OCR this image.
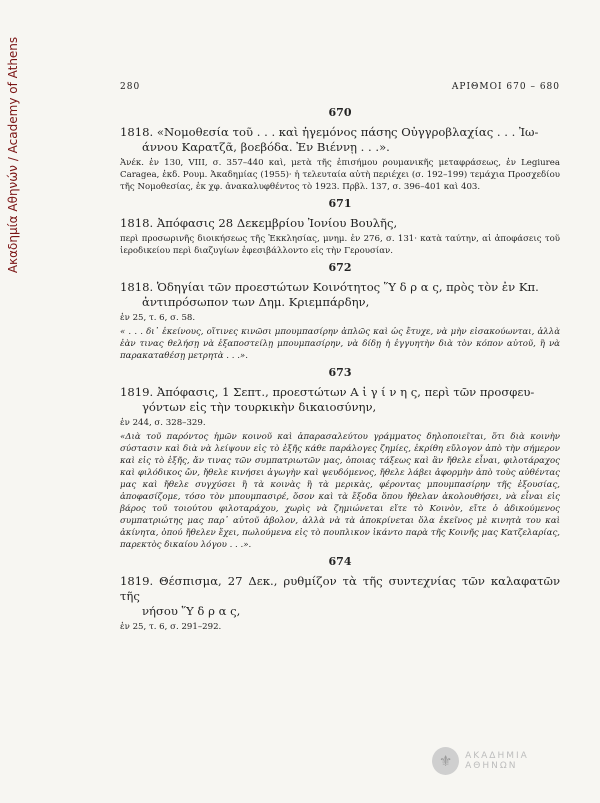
Ακαδημία Αθηνών / Academy of Athens	280	ΑΡΙΘΜΟΙ 670 – 680
670

1818. «Νομοθεσία τοῦ . . . καὶ ἡγεμόνος πάσης Οὐγγροβλαχίας . . . Ἰω-
άννου Καρατζᾶ, βοεβόδα. Ἐν Βιέννῃ . . .».

Ἀνέκ. ἐν 130, VIII, σ. 357–440 καὶ, μετὰ τῆς ἐπισήμου ρουμανικῆς μεταφράσεως, ἐν Legiurea Caragea, ἐκδ. Ρουμ. Ἀκαδημίας (1955)· ἡ τελευταία αὐτὴ περιέχει (σ. 192–199) τεμάχια Προσχεδίου τῆς Νομοθεσίας, ἐκ χφ. ἀνακαλυφθέντος τὸ 1923. Πρβλ. 137, σ. 396–401 καὶ 403.

671

1818. Ἀπόφασις 28 Δεκεμβρίου Ἰονίου Βουλῆς,

περὶ προσωρινῆς διοικήσεως τῆς Ἐκκλησίας, μνημ. ἐν 276, σ. 131· κατὰ ταύτην, αἱ ἀποφάσεις τοῦ ἱεροδικείου περὶ διαζυγίων ἐφεσιβάλλοντο εἰς τὴν Γερουσίαν.

672

1818. Ὁδηγίαι τῶν προεστώτων Κοινότητος Ὕ δ ρ α ς, πρὸς τὸν ἐν Κπ.
ἀντιπρόσωπον των Δημ. Κριεμπάρδην,

ἐν 25, τ. 6, σ. 58.

« . . . δι᾽ ἐκείνους, οἵτινες κινῶσι μπουμπασίρην ἁπλῶς καὶ ὡς ἔτυχε, νὰ μὴν εἰσακούωνται, ἀλλὰ ἐὰν τινας θελήσῃ νὰ ἐξαποστείλῃ μπουμπασίρην, νὰ δίδῃ ἡ ἐγγυητὴν διὰ τὸν κόπον αὐτοῦ, ἢ νὰ παρακαταθέσῃ μετρητὰ . . .».

673

1819. Ἀπόφασις, 1 Σεπτ., προεστώτων Α ἰ γ ί ν η ς, περὶ τῶν προσφευ-
γόντων εἰς τὴν τουρκικὴν δικαιοσύνην,

ἐν 244, σ. 328–329.

«Διὰ τοῦ παρόντος ἡμῶν κοινοῦ καὶ ἀπαρασαλεύτου γράμματος δηλοποιεῖται, ὅτι διὰ κοινὴν σύστασιν καὶ διὰ νὰ λείψουν εἰς τὸ ἑξῆς κάθε παράλογες ζημίες, ἐκρίθη εὔλογον ἀπὸ τὴν σήμερον καὶ εἰς τὸ ἑξῆς, ἄν τινας τῶν συμπατριωτῶν μας, ὁποιας τάξεως καὶ ἂν ἤθελε εἶναι, φιλοτάραχος καὶ φιλόδικος ὤν, ἤθελε κινήσει ἀγωγὴν καὶ ψευδόμενος, ἤθελε λάβει ἀφορμὴν ἀπὸ τοὺς αὐθέντας μας καὶ ἤθελε συγχύσει ἢ τὰ κοινὰς ἢ τὰ μερικὰς, φέροντας μπουμπασίρην τῆς ἐξουσίας, ἀποφασίζομε, τόσο τὸν μπουμπασιρέ, ὅσον καὶ τὰ ἔξοδα ὅπου ἤθελαν ἀκολουθήσει, νὰ εἶναι εἰς βάρος τοῦ τοιούτου φιλοταράχου, χωρὶς νὰ ζημιώνεται εἴτε τὸ Κοινὸν, εἴτε ὁ ἀδικούμενος συμπατριώτης μας παρ᾽ αὐτοῦ ἀβολον, ἀλλὰ νὰ τὰ ἀποκρίνεται ὅλα ἐκεῖνος μὲ κινητὰ του καὶ ἀκίνητα, ὁπού ἤθελεν ἔχει, πωλούμενα εἰς τὸ πουπλικον ἱκάντο παρὰ τῆς Κοινῆς μας Κατζελαρίας, παρεκτὸς δικαίου λόγου . . .».

674

1819. Θέσπισμα, 27 Δεκ., ρυθμίζον τὰ τῆς συντεχνίας τῶν καλαφατῶν τῆς
νήσου Ὕ δ ρ α ς,

ἐν 25, τ. 6, σ. 291–292.

⚜	ΑΚΑΔΗΜΙΑ ΑΘΗΝΩΝ
